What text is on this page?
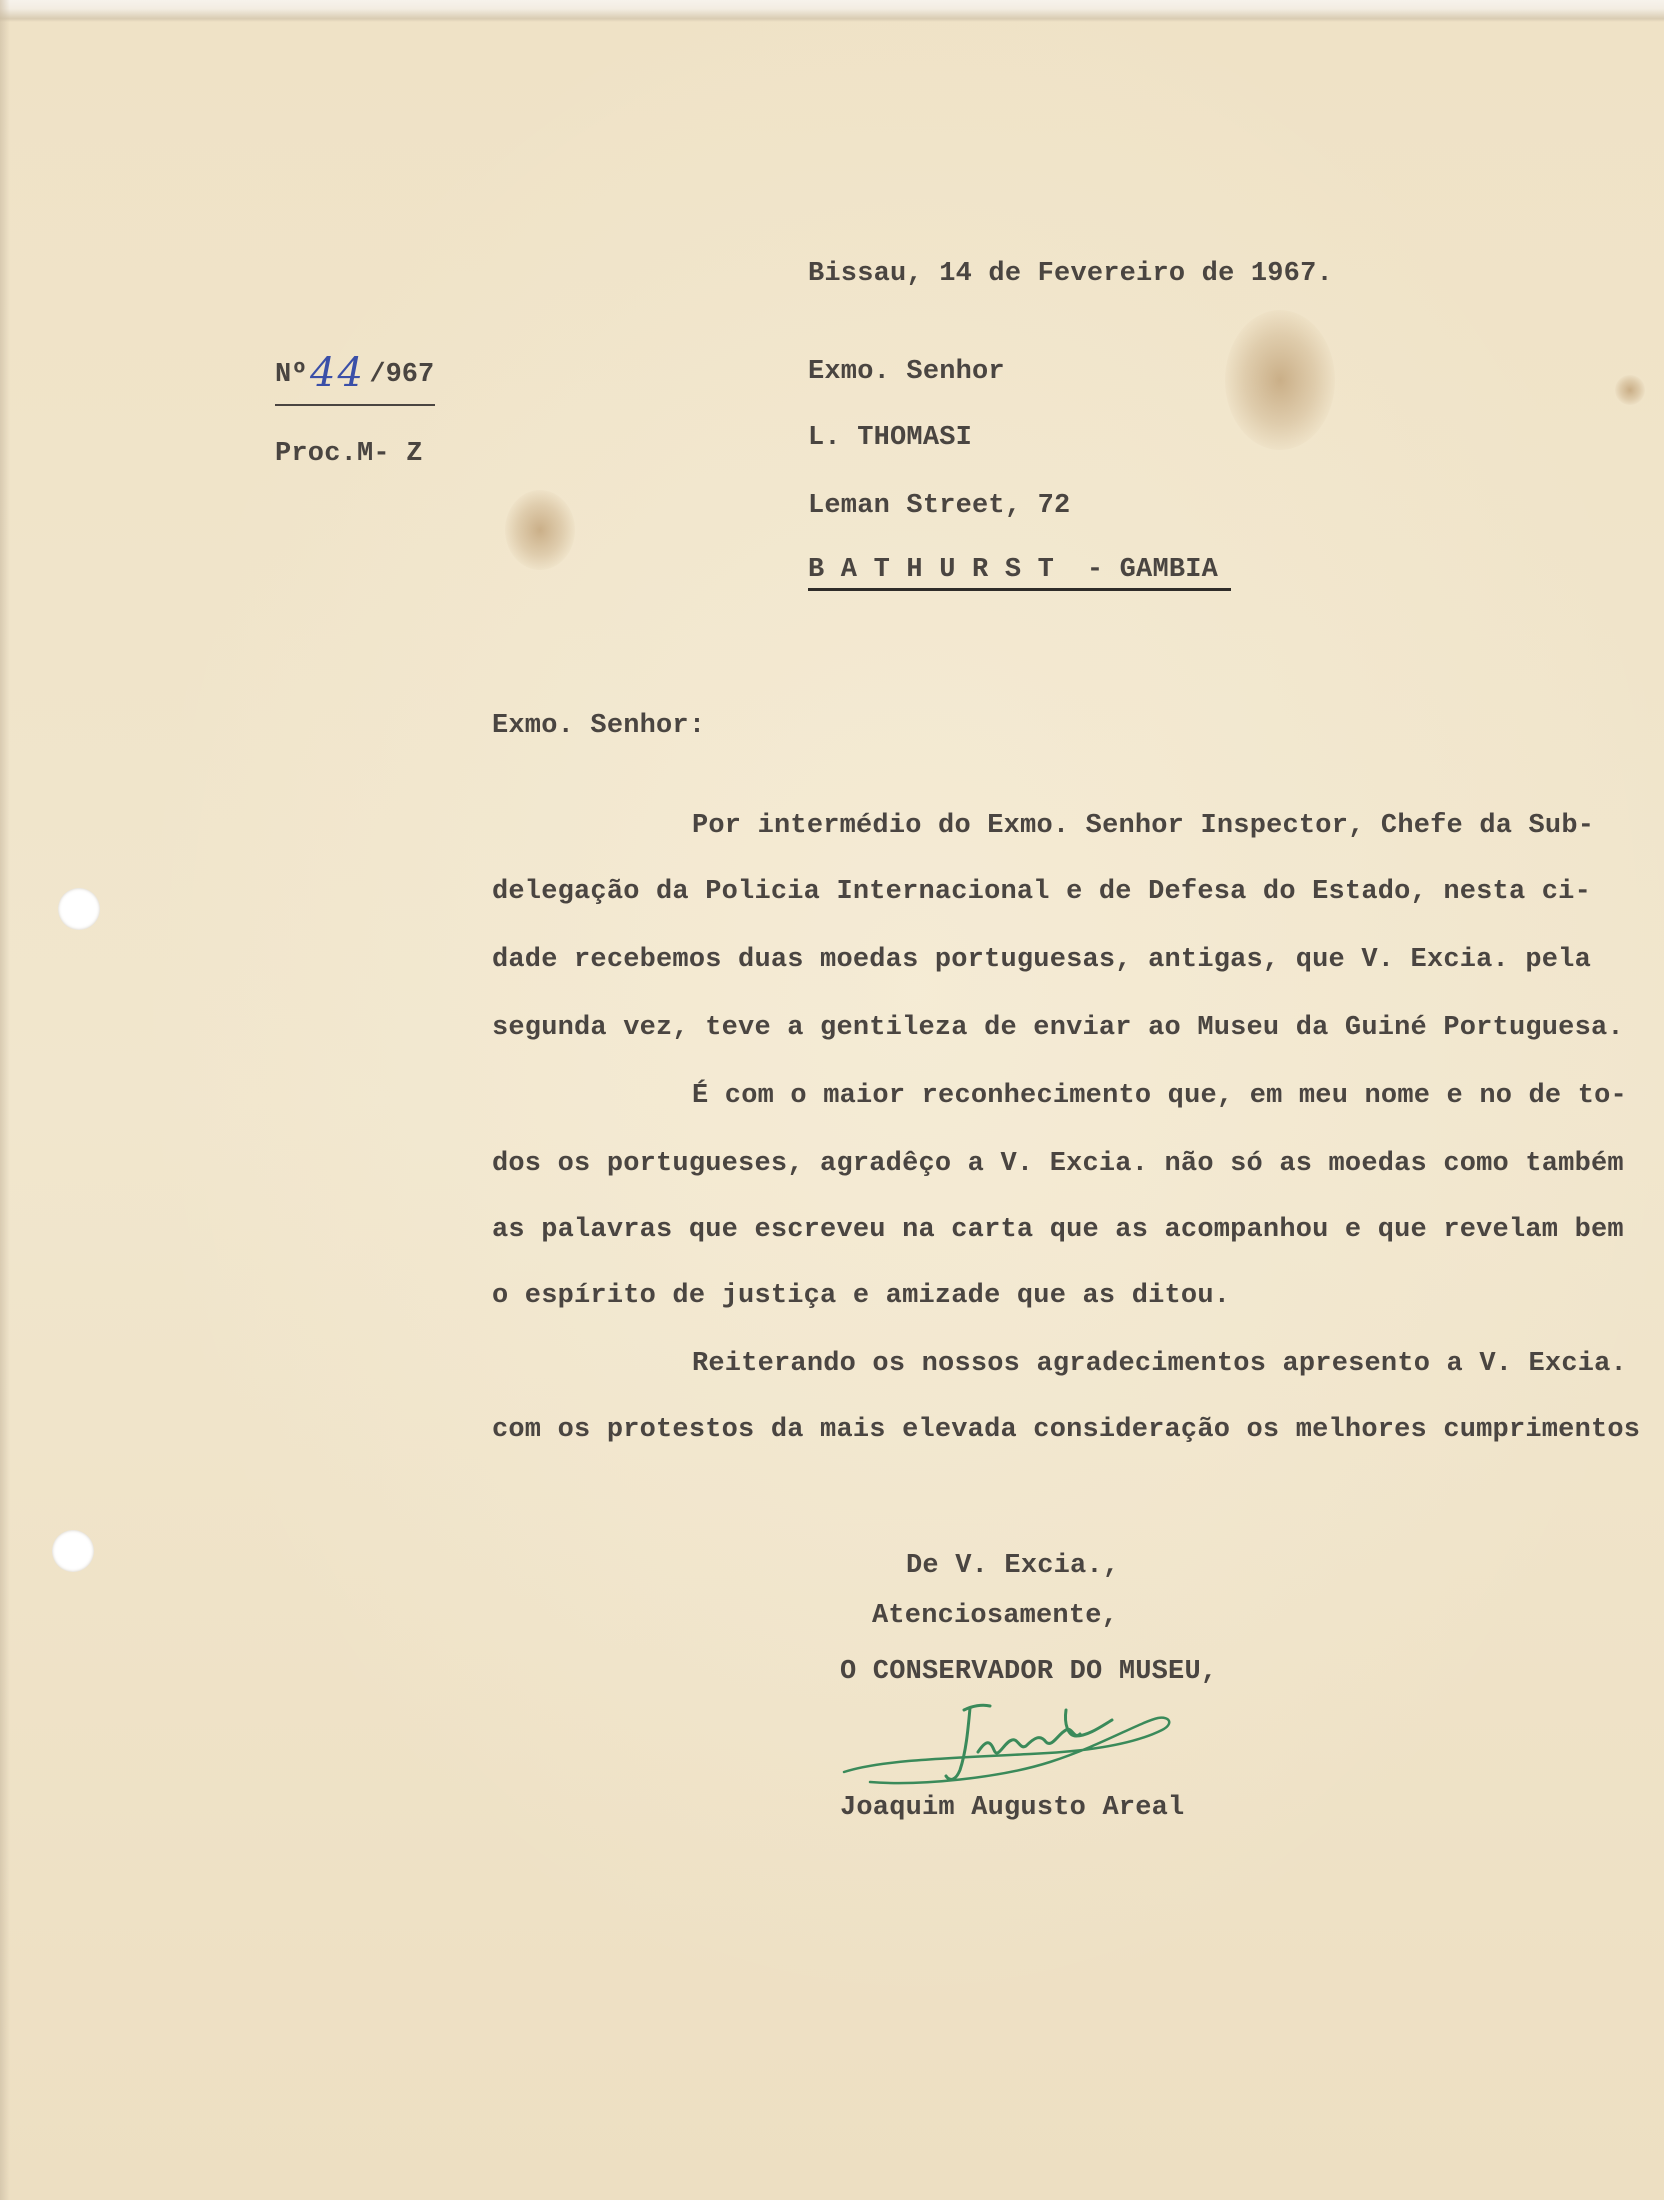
Bissau, 14 de Fevereiro de 1967.

Nº /967
44

Proc.M- Z

Exmo. Senhor

L. THOMASI

Leman Street, 72

B A T H U R S T  - GAMBIA

Exmo. Senhor:

Por intermédio do Exmo. Senhor Inspector, Chefe da Sub-

delegação da Policia Internacional e de Defesa do Estado, nesta ci-

dade recebemos duas moedas portuguesas, antigas, que V. Excia. pela

segunda vez, teve a gentileza de enviar ao Museu da Guiné Portuguesa.

É com o maior reconhecimento que, em meu nome e no de to-

dos os portugueses, agradêço a V. Excia. não só as moedas como também

as palavras que escreveu na carta que as acompanhou e que revelam bem

o espírito de justiça e amizade que as ditou.

Reiterando os nossos agradecimentos apresento a V. Excia.

com os protestos da mais elevada consideração os melhores cumprimentos

De V. Excia.,

Atenciosamente,

O CONSERVADOR DO MUSEU,

Joaquim Augusto Areal
